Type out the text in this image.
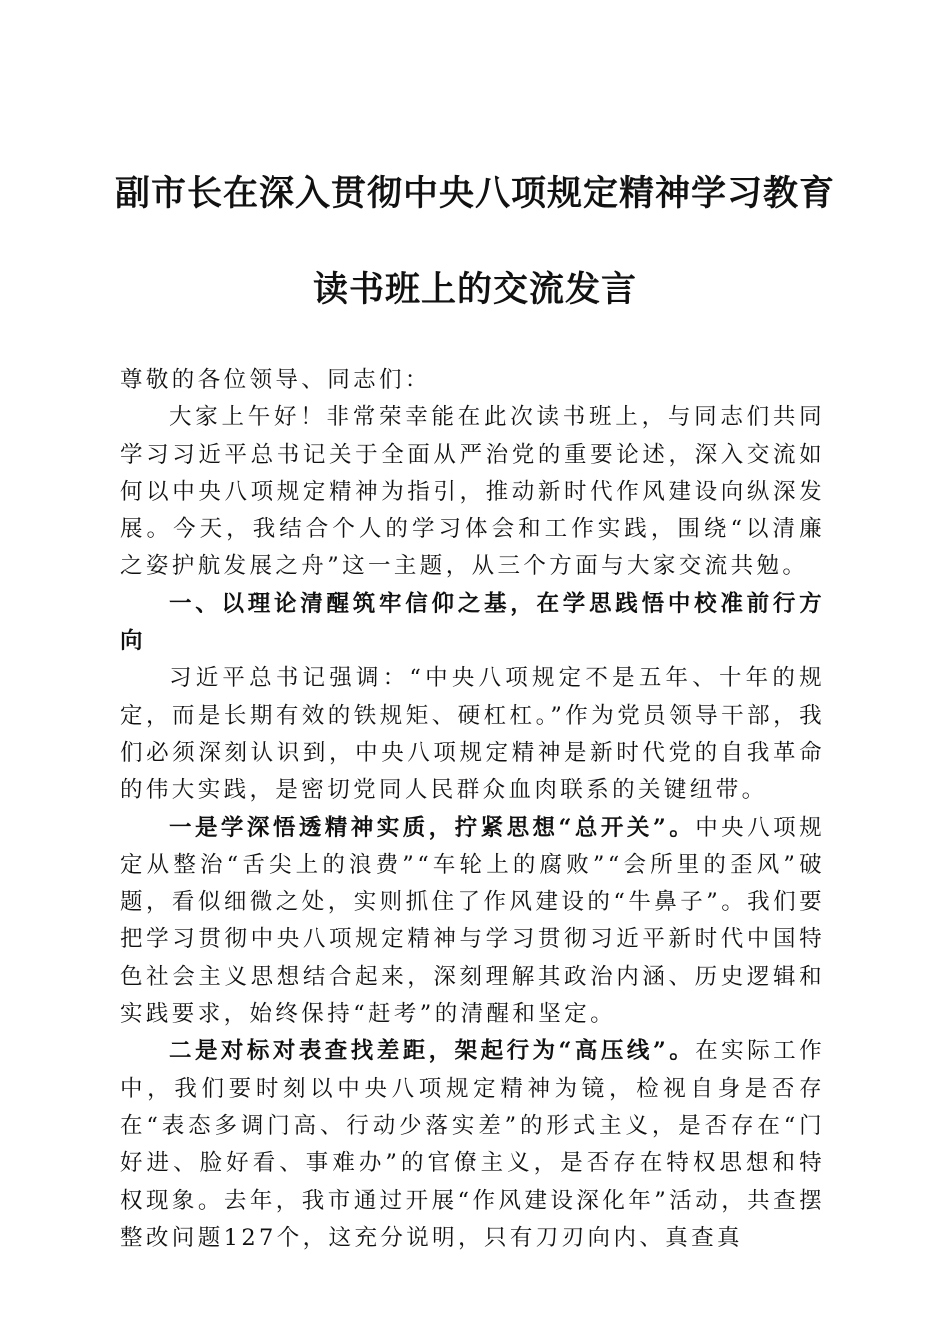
副市长在深入贯彻中央八项规定精神学习教育
读书班上的交流发言

尊敬的各位领导、同志们：

大家上午好！非常荣幸能在此次读书班上，与同志们共同学习习近平总书记关于全面从严治党的重要论述，深入交流如何以中央八项规定精神为指引，推动新时代作风建设向纵深发展。今天，我结合个人的学习体会和工作实践，围绕“以清廉之姿护航发展之舟”这一主题，从三个方面与大家交流共勉。

一、以理论清醒筑牢信仰之基，在学思践悟中校准前行方向

习近平总书记强调：“中央八项规定不是五年、十年的规定，而是长期有效的铁规矩、硬杠杠。”作为党员领导干部，我们必须深刻认识到，中央八项规定精神是新时代党的自我革命的伟大实践，是密切党同人民群众血肉联系的关键纽带。

一是学深悟透精神实质，拧紧思想“总开关”。中央八项规定从整治“舌尖上的浪费”“车轮上的腐败”“会所里的歪风”破题，看似细微之处，实则抓住了作风建设的“牛鼻子”。我们要把学习贯彻中央八项规定精神与学习贯彻习近平新时代中国特色社会主义思想结合起来，深刻理解其政治内涵、历史逻辑和实践要求，始终保持“赶考”的清醒和坚定。

二是对标对表查找差距，架起行为“高压线”。在实际工作中，我们要时刻以中央八项规定精神为镜，检视自身是否存在“表态多调门高、行动少落实差”的形式主义，是否存在“门好进、脸好看、事难办”的官僚主义，是否存在特权思想和特权现象。去年，我市通过开展“作风建设深化年”活动，共查摆整改问题127个，这充分说明，只有刀刃向内、真查真
